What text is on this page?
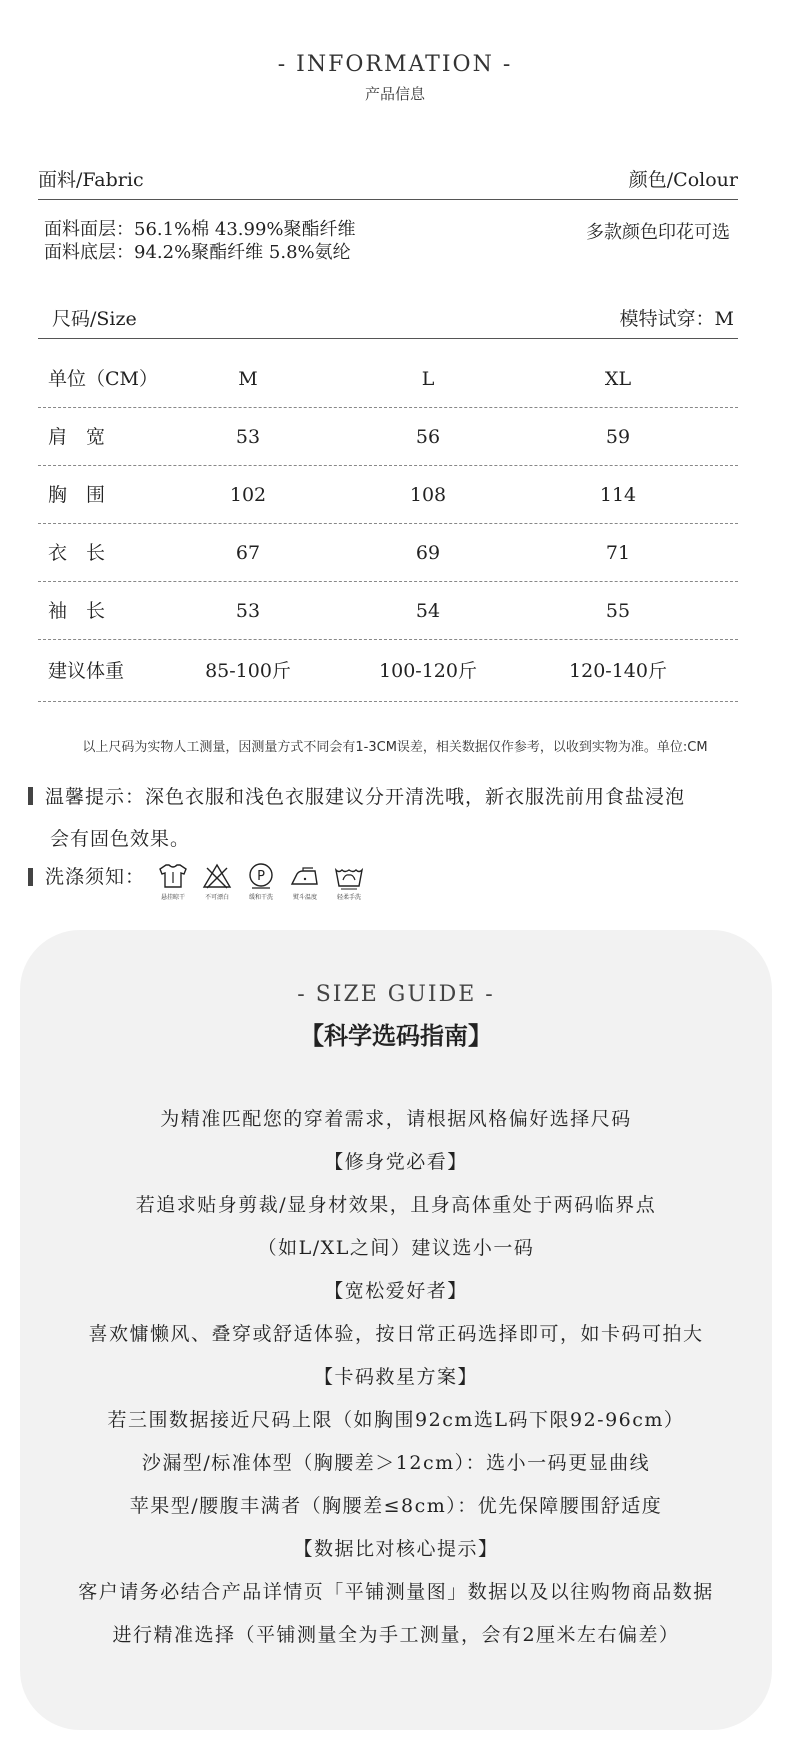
- INFORMATION -
产品信息
面料/Fabric	颜色/Colour
面料面层：56.1%棉 43.99%聚酯纤维
面料底层：94.2%聚酯纤维 5.8%氨纶
多款颜色印花可选
尺码/Size	模特试穿：M
单位（CM）	M	L	XL
肩　宽	53	56	59
胸　围	102	108	114
衣　长	67	69	71
袖　长	53	54	55
建议体重	85-100斤	100-120斤	120-140斤
以上尺码为实物人工测量，因测量方式不同会有1-3CM误差，相关数据仅作参考，以收到实物为准。单位:CM
温馨提示：深色衣服和浅色衣服建议分开清洗哦，新衣服洗前用食盐浸泡
会有固色效果。
洗涤须知：
悬挂晾干	不可漂白
P
缓和干洗	熨斗温度	轻柔手洗
- SIZE GUIDE -
【科学选码指南】
为精准匹配您的穿着需求，请根据风格偏好选择尺码
【修身党必看】
若追求贴身剪裁/显身材效果，且身高体重处于两码临界点
（如L/XL之间）建议选小一码
【宽松爱好者】
喜欢慵懒风、叠穿或舒适体验，按日常正码选择即可，如卡码可拍大
【卡码救星方案】
若三围数据接近尺码上限（如胸围92cm选L码下限92-96cm）
沙漏型/标准体型（胸腰差＞12cm）：选小一码更显曲线
苹果型/腰腹丰满者（胸腰差≤8cm）：优先保障腰围舒适度
【数据比对核心提示】
客户请务必结合产品详情页「平铺测量图」数据以及以往购物商品数据
进行精准选择（平铺测量全为手工测量，会有2厘米左右偏差）
